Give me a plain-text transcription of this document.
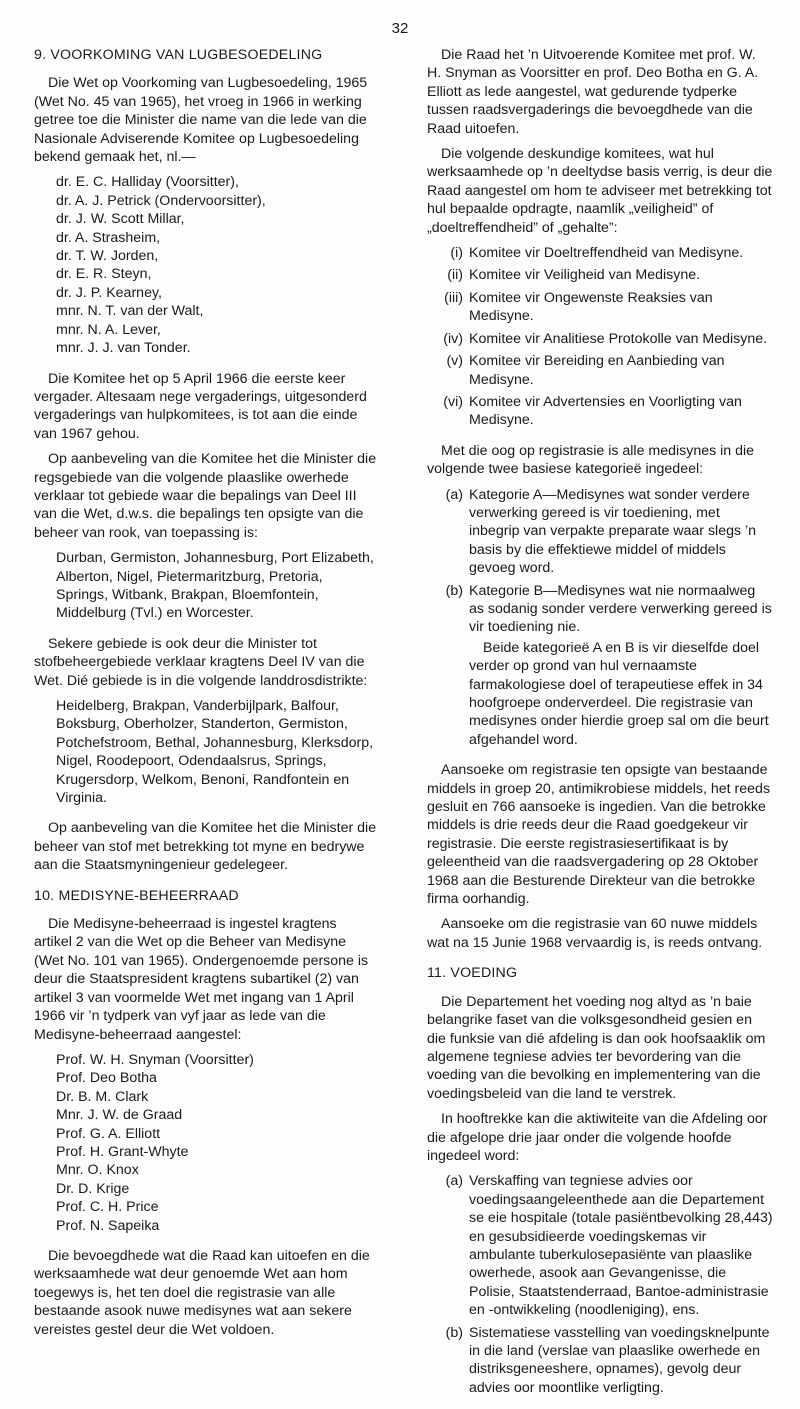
32
9. VOORKOMING VAN LUGBESOEDELING

Die Wet op Voorkoming van Lugbesoedeling, 1965 (Wet No. 45 van 1965), het vroeg in 1966 in werking getree toe die Minister die name van die lede van die Nasionale Adviserende Komitee op Lugbesoedeling bekend gemaak het, nl.—

dr. E. C. Halliday (Voorsitter),
dr. A. J. Petrick (Ondervoorsitter),
dr. J. W. Scott Millar,
dr. A. Strasheim,
dr. T. W. Jorden,
dr. E. R. Steyn,
dr. J. P. Kearney,
mnr. N. T. van der Walt,
mnr. N. A. Lever,
mnr. J. J. van Tonder.

Die Komitee het op 5 April 1966 die eerste keer vergader. Altesaam nege vergaderings, uitgesonderd vergaderings van hulpkomitees, is tot aan die einde van 1967 gehou.

Op aanbeveling van die Komitee het die Minister die regsgebiede van die volgende plaaslike owerhede verklaar tot gebiede waar die bepalings van Deel III van die Wet, d.w.s. die bepalings ten opsigte van die beheer van rook, van toepassing is:

Durban, Germiston, Johannesburg, Port Elizabeth, Alberton, Nigel, Pietermaritzburg, Pretoria, Springs, Witbank, Brakpan, Bloemfontein, Middelburg (Tvl.) en Worcester.

Sekere gebiede is ook deur die Minister tot stofbeheergebiede verklaar kragtens Deel IV van die Wet. Dié gebiede is in die volgende landdrosdistrikte:

Heidelberg, Brakpan, Vanderbijlpark, Balfour, Boksburg, Oberholzer, Standerton, Germiston, Potchefstroom, Bethal, Johannesburg, Klerksdorp, Nigel, Roodepoort, Odendaalsrus, Springs, Krugersdorp, Welkom, Benoni, Randfontein en Virginia.

Op aanbeveling van die Komitee het die Minister die beheer van stof met betrekking tot myne en bedrywe aan die Staatsmyningenieur gedelegeer.

10. MEDISYNE-BEHEERRAAD

Die Medisyne-beheerraad is ingestel kragtens artikel 2 van die Wet op die Beheer van Medisyne (Wet No. 101 van 1965). Ondergenoemde persone is deur die Staatspresident kragtens subartikel (2) van artikel 3 van voormelde Wet met ingang van 1 April 1966 vir ’n tydperk van vyf jaar as lede van die Medisyne-beheerraad aangestel:

Prof. W. H. Snyman (Voorsitter)
Prof. Deo Botha
Dr. B. M. Clark
Mnr. J. W. de Graad
Prof. G. A. Elliott
Prof. H. Grant-Whyte
Mnr. O. Knox
Dr. D. Krige
Prof. C. H. Price
Prof. N. Sapeika

Die bevoegdhede wat die Raad kan uitoefen en die werksaamhede wat deur genoemde Wet aan hom toegewys is, het ten doel die registrasie van alle bestaande asook nuwe medisynes wat aan sekere vereistes gestel deur die Wet voldoen.

Die Raad het ’n Uitvoerende Komitee met prof. W. H. Snyman as Voorsitter en prof. Deo Botha en G. A. Elliott as lede aangestel, wat gedurende tydperke tussen raadsvergaderings die bevoegdhede van die Raad uitoefen.

Die volgende deskundige komitees, wat hul werksaamhede op ’n deeltydse basis verrig, is deur die Raad aangestel om hom te adviseer met betrekking tot hul bepaalde opdragte, naamlik „veiligheid” of „doeltreffendheid” of „gehalte”:

(i) Komitee vir Doeltreffendheid van Medisyne.
(ii) Komitee vir Veiligheid van Medisyne.
(iii) Komitee vir Ongewenste Reaksies van Medisyne.
(iv) Komitee vir Analitiese Protokolle van Medisyne.
(v) Komitee vir Bereiding en Aanbieding van Medisyne.
(vi) Komitee vir Advertensies en Voorligting van Medisyne.

Met die oog op registrasie is alle medisynes in die volgende twee basiese kategorieë ingedeel:

(a) Kategorie A—Medisynes wat sonder verdere verwerking gereed is vir toediening, met inbegrip van verpakte preparate waar slegs ’n basis by die effektiewe middel of middels gevoeg word.
(b) Kategorie B—Medisynes wat nie normaalweg as sodanig sonder verdere verwerking gereed is vir toediening nie.
Beide kategorieë A en B is vir dieselfde doel verder op grond van hul vernaamste farmakologiese doel of terapeutiese effek in 34 hoofgroepe onderverdeel. Die registrasie van medisynes onder hierdie groep sal om die beurt afgehandel word.

Aansoeke om registrasie ten opsigte van bestaande middels in groep 20, antimikrobiese middels, het reeds gesluit en 766 aansoeke is ingedien. Van die betrokke middels is drie reeds deur die Raad goedgekeur vir registrasie. Die eerste registrasiesertifikaat is by geleentheid van die raadsvergadering op 28 Oktober 1968 aan die Besturende Direkteur van die betrokke firma oorhandig.

Aansoeke om die registrasie van 60 nuwe middels wat na 15 Junie 1968 vervaardig is, is reeds ontvang.

11. VOEDING

Die Departement het voeding nog altyd as ’n baie belangrike faset van die volksgesondheid gesien en die funksie van dié afdeling is dan ook hoofsaaklik om algemene tegniese advies ter bevordering van die voeding van die bevolking en implementering van die voedingsbeleid van die land te verstrek.

In hooftrekke kan die aktiwiteite van die Afdeling oor die afgelope drie jaar onder die volgende hoofde ingedeel word:

(a) Verskaffing van tegniese advies oor voedingsaangeleenthede aan die Departement se eie hospitale (totale pasiëntbevolking 28,443) en gesubsidieerde voedingskemas vir ambulante tuberkulosepasiënte van plaaslike owerhede, asook aan Gevangenisse, die Polisie, Staatstenderraad, Bantoe-administrasie en -ontwikkeling (noodleniging), ens.
(b) Sistematiese vasstelling van voedingsknelpunte in die land (verslae van plaaslike owerhede en distriksgeneeshere, opnames), gevolg deur advies oor moontlike verligting.
